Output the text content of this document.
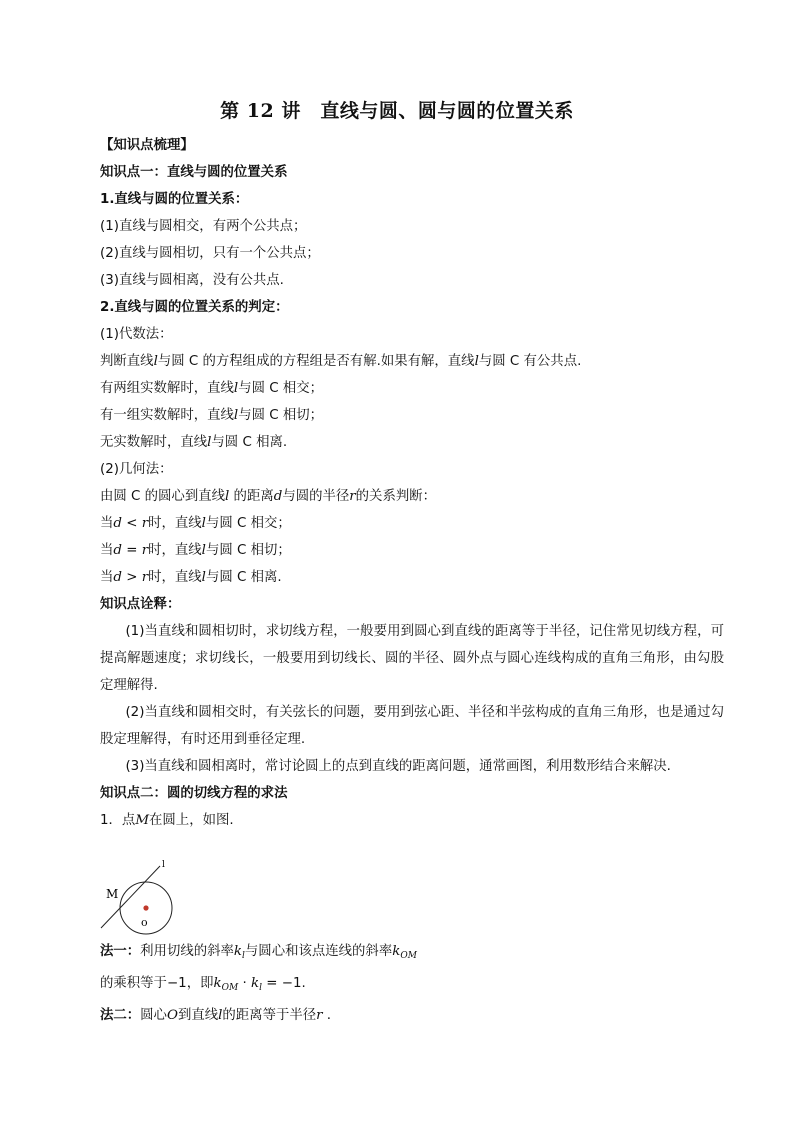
第 12 讲　直线与圆、圆与圆的位置关系
【知识点梳理】
知识点一：直线与圆的位置关系
1.直线与圆的位置关系：
(1)直线与圆相交，有两个公共点；
(2)直线与圆相切，只有一个公共点；
(3)直线与圆相离，没有公共点.
2.直线与圆的位置关系的判定：
(1)代数法：
判断直线l与圆 C 的方程组成的方程组是否有解.如果有解，直线l与圆 C 有公共点.
有两组实数解时，直线l与圆 C 相交；
有一组实数解时，直线l与圆 C 相切；
无实数解时，直线l与圆 C 相离.
(2)几何法：
由圆 C 的圆心到直线l 的距离d与圆的半径r的关系判断：
当d < r时，直线l与圆 C 相交；
当d = r时，直线l与圆 C 相切；
当d > r时，直线l与圆 C 相离.
知识点诠释：
(1)当直线和圆相切时，求切线方程，一般要用到圆心到直线的距离等于半径，记住常见切线方程，可提高解题速度；求切线长，一般要用到切线长、圆的半径、圆外点与圆心连线构成的直角三角形，由勾股定理解得.
(2)当直线和圆相交时，有关弦长的问题，要用到弦心距、半径和半弦构成的直角三角形，也是通过勾股定理解得，有时还用到垂径定理.
(3)当直线和圆相离时，常讨论圆上的点到直线的距离问题，通常画图，利用数形结合来解决.
知识点二：圆的切线方程的求法
1．点M在圆上，如图.
l
M
o
法一：利用切线的斜率$k_l$与圆心和该点连线的斜率$k_{OM}$
的乘积等于−1，即$k_{OM} \cdot k_l = -1$.
法二：圆心O到直线l的距离等于半径r .
